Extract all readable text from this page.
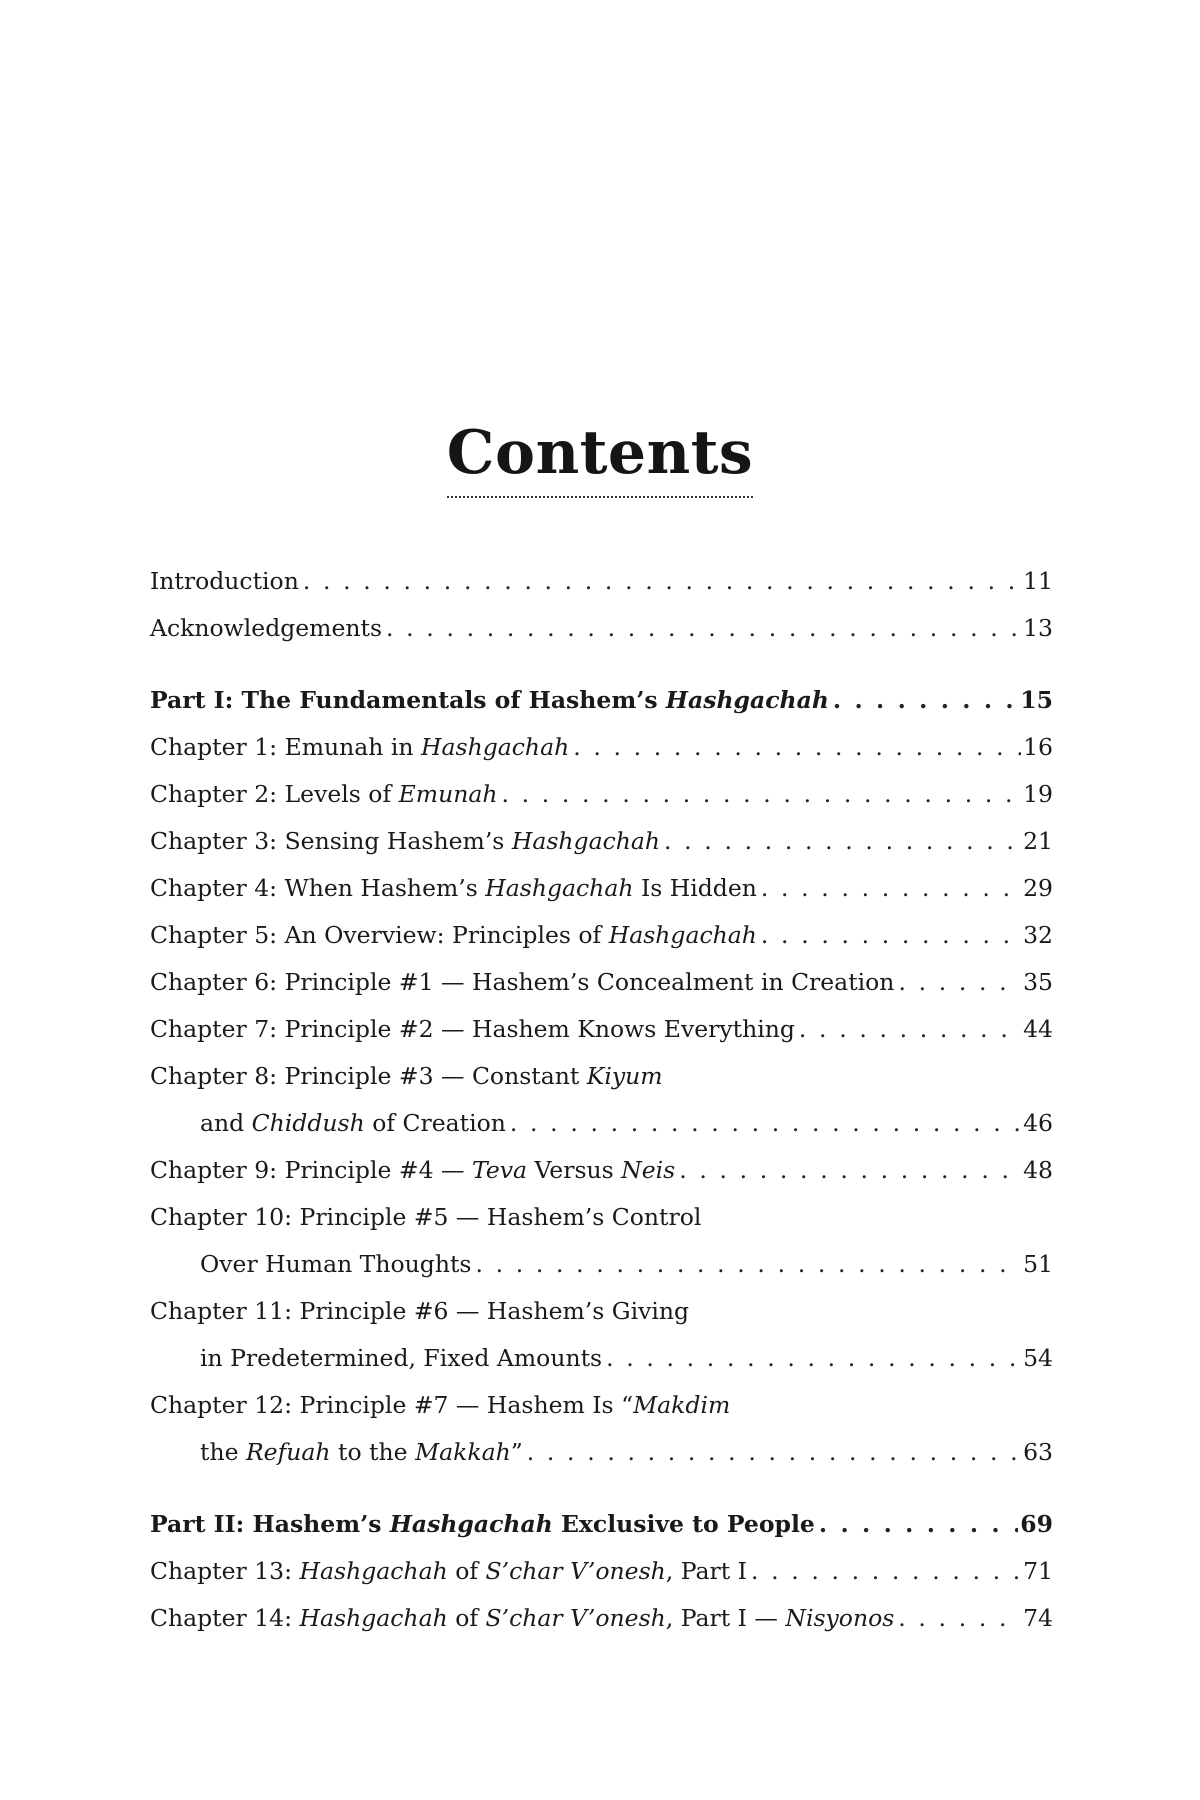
Contents
Introduction . . .	11
Acknowledgements . . .	13
Part I: The Fundamentals of Hashem’s Hashgachah . . .	15
Chapter 1: Emunah in Hashgachah . . .	16
Chapter 2: Levels of Emunah . . .	19
Chapter 3: Sensing Hashem’s Hashgachah . . .	21
Chapter 4: When Hashem’s Hashgachah Is Hidden . . .	29
Chapter 5: An Overview: Principles of Hashgachah . . .	32
Chapter 6: Principle #1 — Hashem’s Concealment in Creation . . .	35
Chapter 7: Principle #2 — Hashem Knows Everything . . .	44
Chapter 8: Principle #3 — Constant Kiyum
and Chiddush of Creation . . .	46
Chapter 9: Principle #4 — Teva Versus Neis . . .	48
Chapter 10: Principle #5 — Hashem’s Control
Over Human Thoughts . . .	51
Chapter 11: Principle #6 — Hashem’s Giving
in Predetermined, Fixed Amounts . . .	54
Chapter 12: Principle #7 — Hashem Is “Makdim
the Refuah to the Makkah” . . .	63
Part II: Hashem’s Hashgachah Exclusive to People . . .	69
Chapter 13: Hashgachah of S’char V’onesh, Part I . . .	71
Chapter 14: Hashgachah of S’char V’onesh, Part I — Nisyonos . . .	74
